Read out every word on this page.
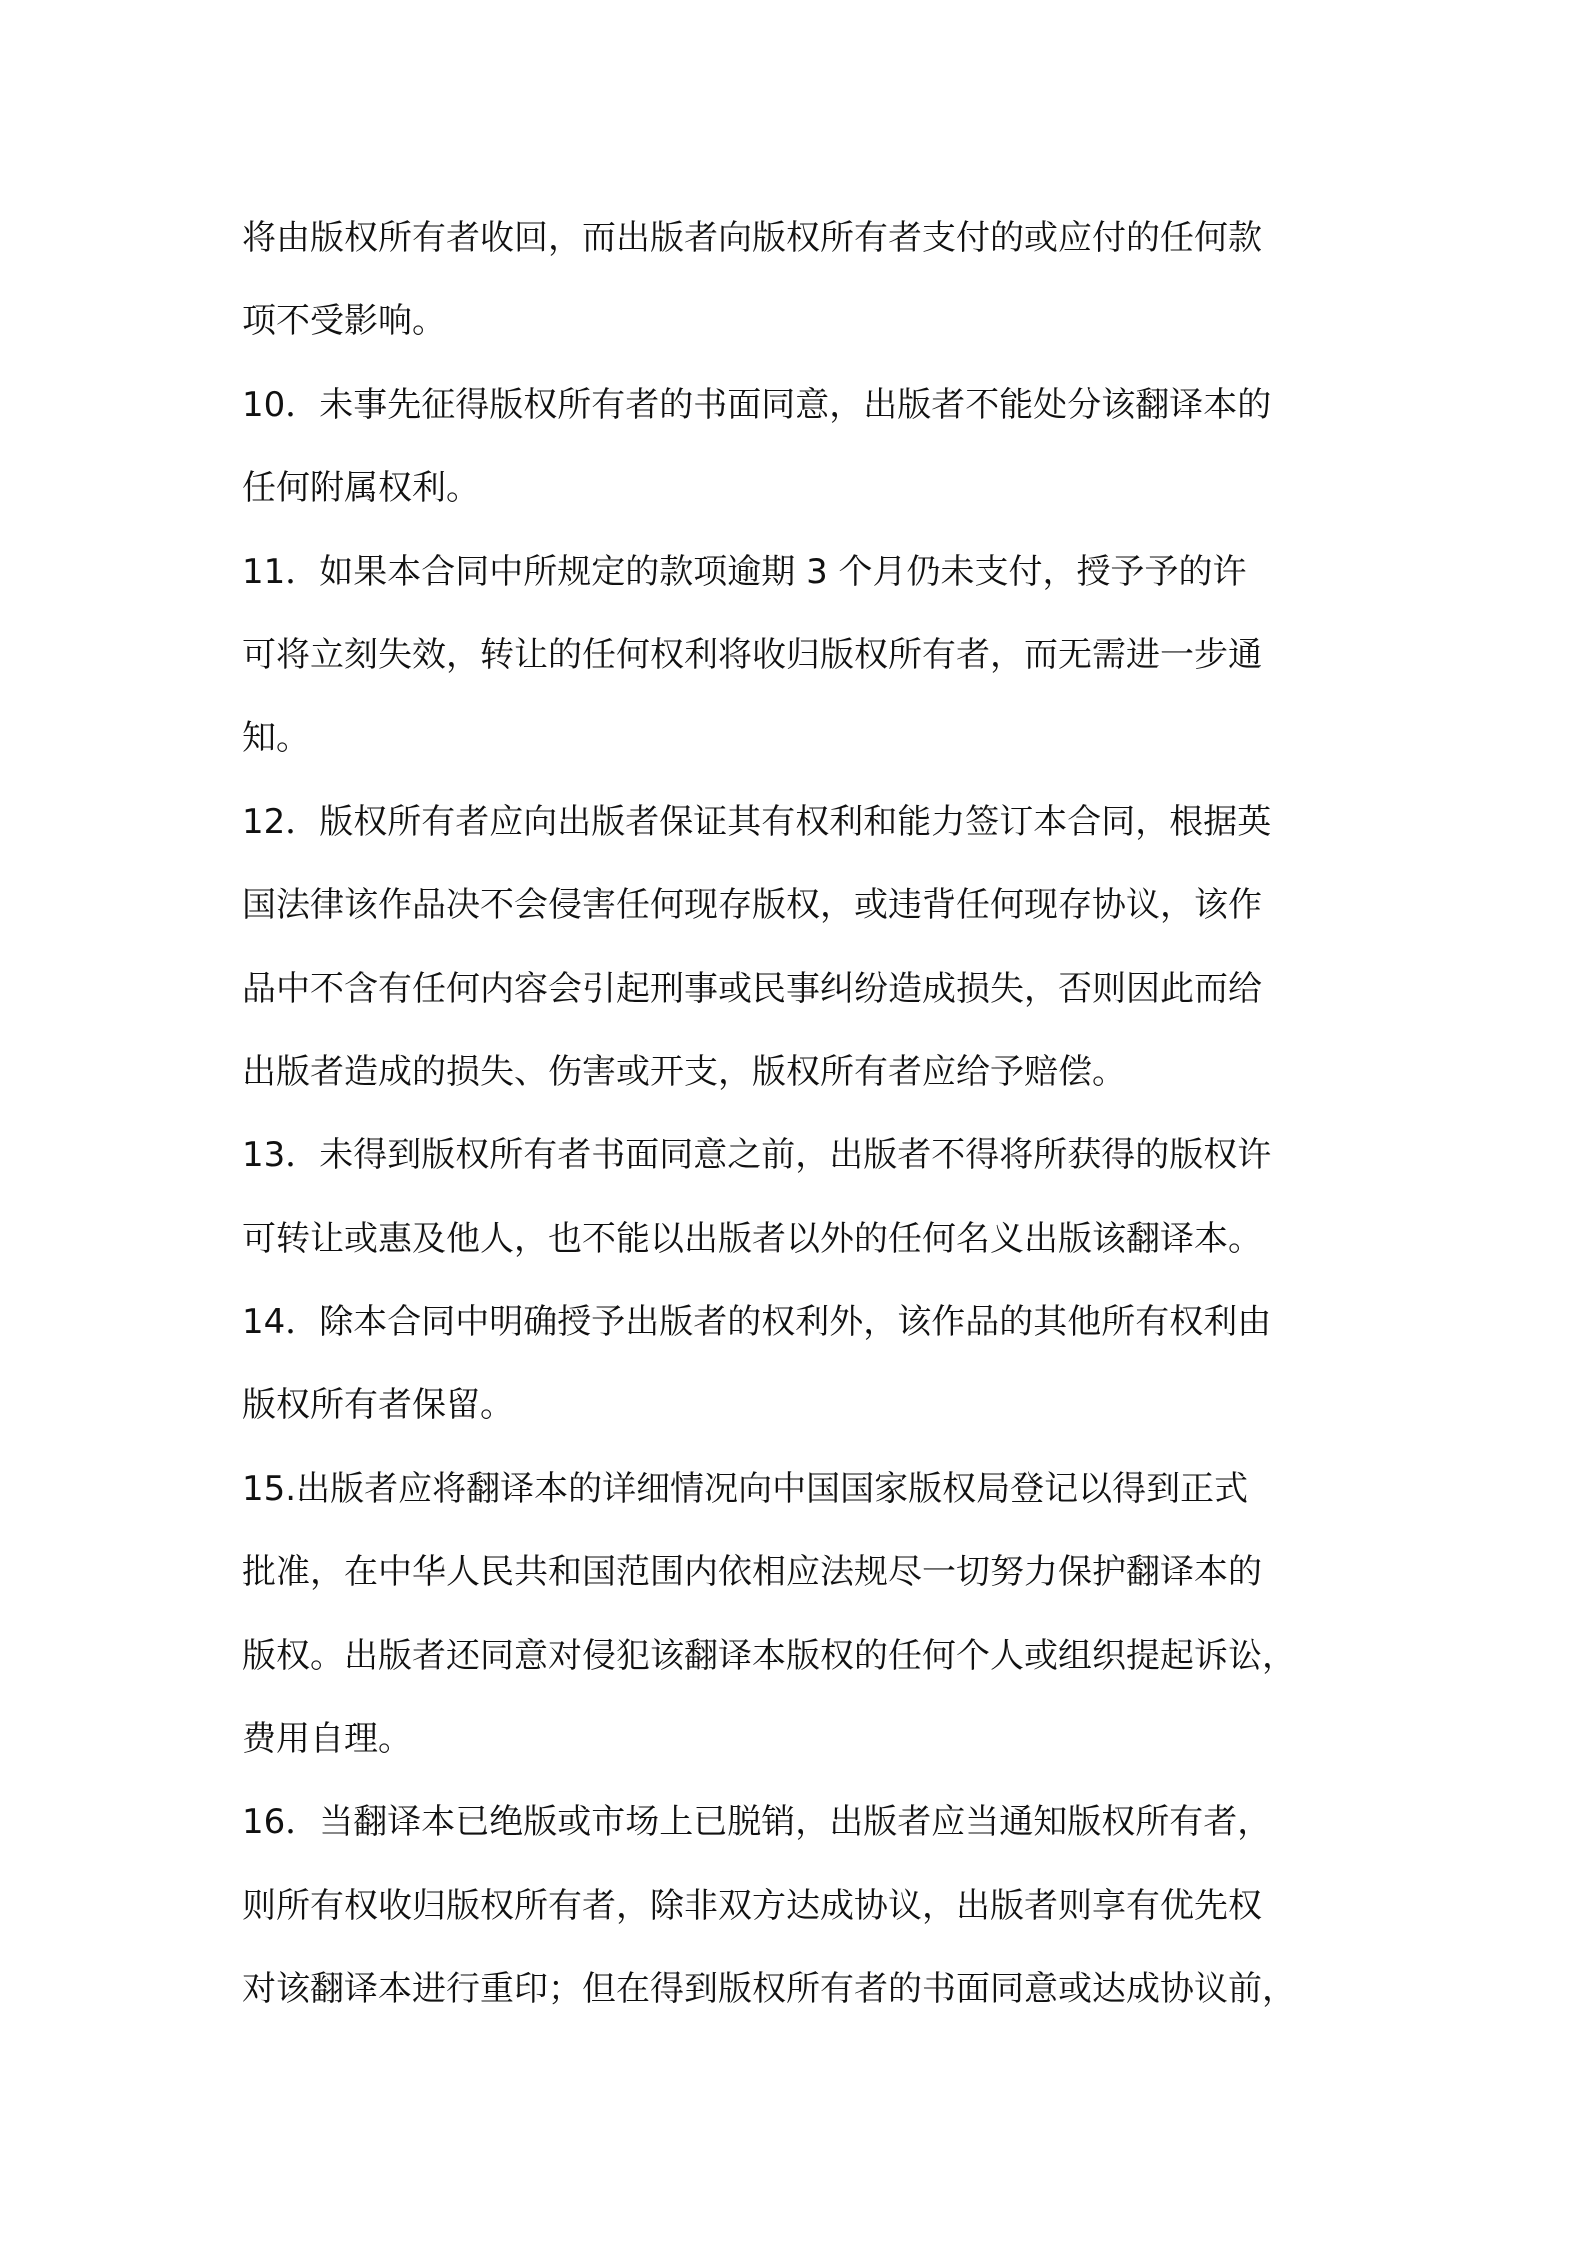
将由版权所有者收回，而出版者向版权所有者支付的或应付的任何款
项不受影响。
10．未事先征得版权所有者的书面同意，出版者不能处分该翻译本的
任何附属权利。
11．如果本合同中所规定的款项逾期 3 个月仍未支付，授予予的许
可将立刻失效，转让的任何权利将收归版权所有者，而无需进一步通
知。
12．版权所有者应向出版者保证其有权利和能力签订本合同，根据英
国法律该作品决不会侵害任何现存版权，或违背任何现存协议，该作
品中不含有任何内容会引起刑事或民事纠纷造成损失，否则因此而给
出版者造成的损失、伤害或开支，版权所有者应给予赔偿。
13．未得到版权所有者书面同意之前，出版者不得将所获得的版权许
可转让或惠及他人，也不能以出版者以外的任何名义出版该翻译本。
14．除本合同中明确授予出版者的权利外，该作品的其他所有权利由
版权所有者保留。
15.出版者应将翻译本的详细情况向中国国家版权局登记以得到正式
批准，在中华人民共和国范围内依相应法规尽一切努力保护翻译本的
版权。出版者还同意对侵犯该翻译本版权的任何个人或组织提起诉讼，
费用自理。
16．当翻译本已绝版或市场上已脱销，出版者应当通知版权所有者，
则所有权收归版权所有者，除非双方达成协议，出版者则享有优先权
对该翻译本进行重印；但在得到版权所有者的书面同意或达成协议前，
